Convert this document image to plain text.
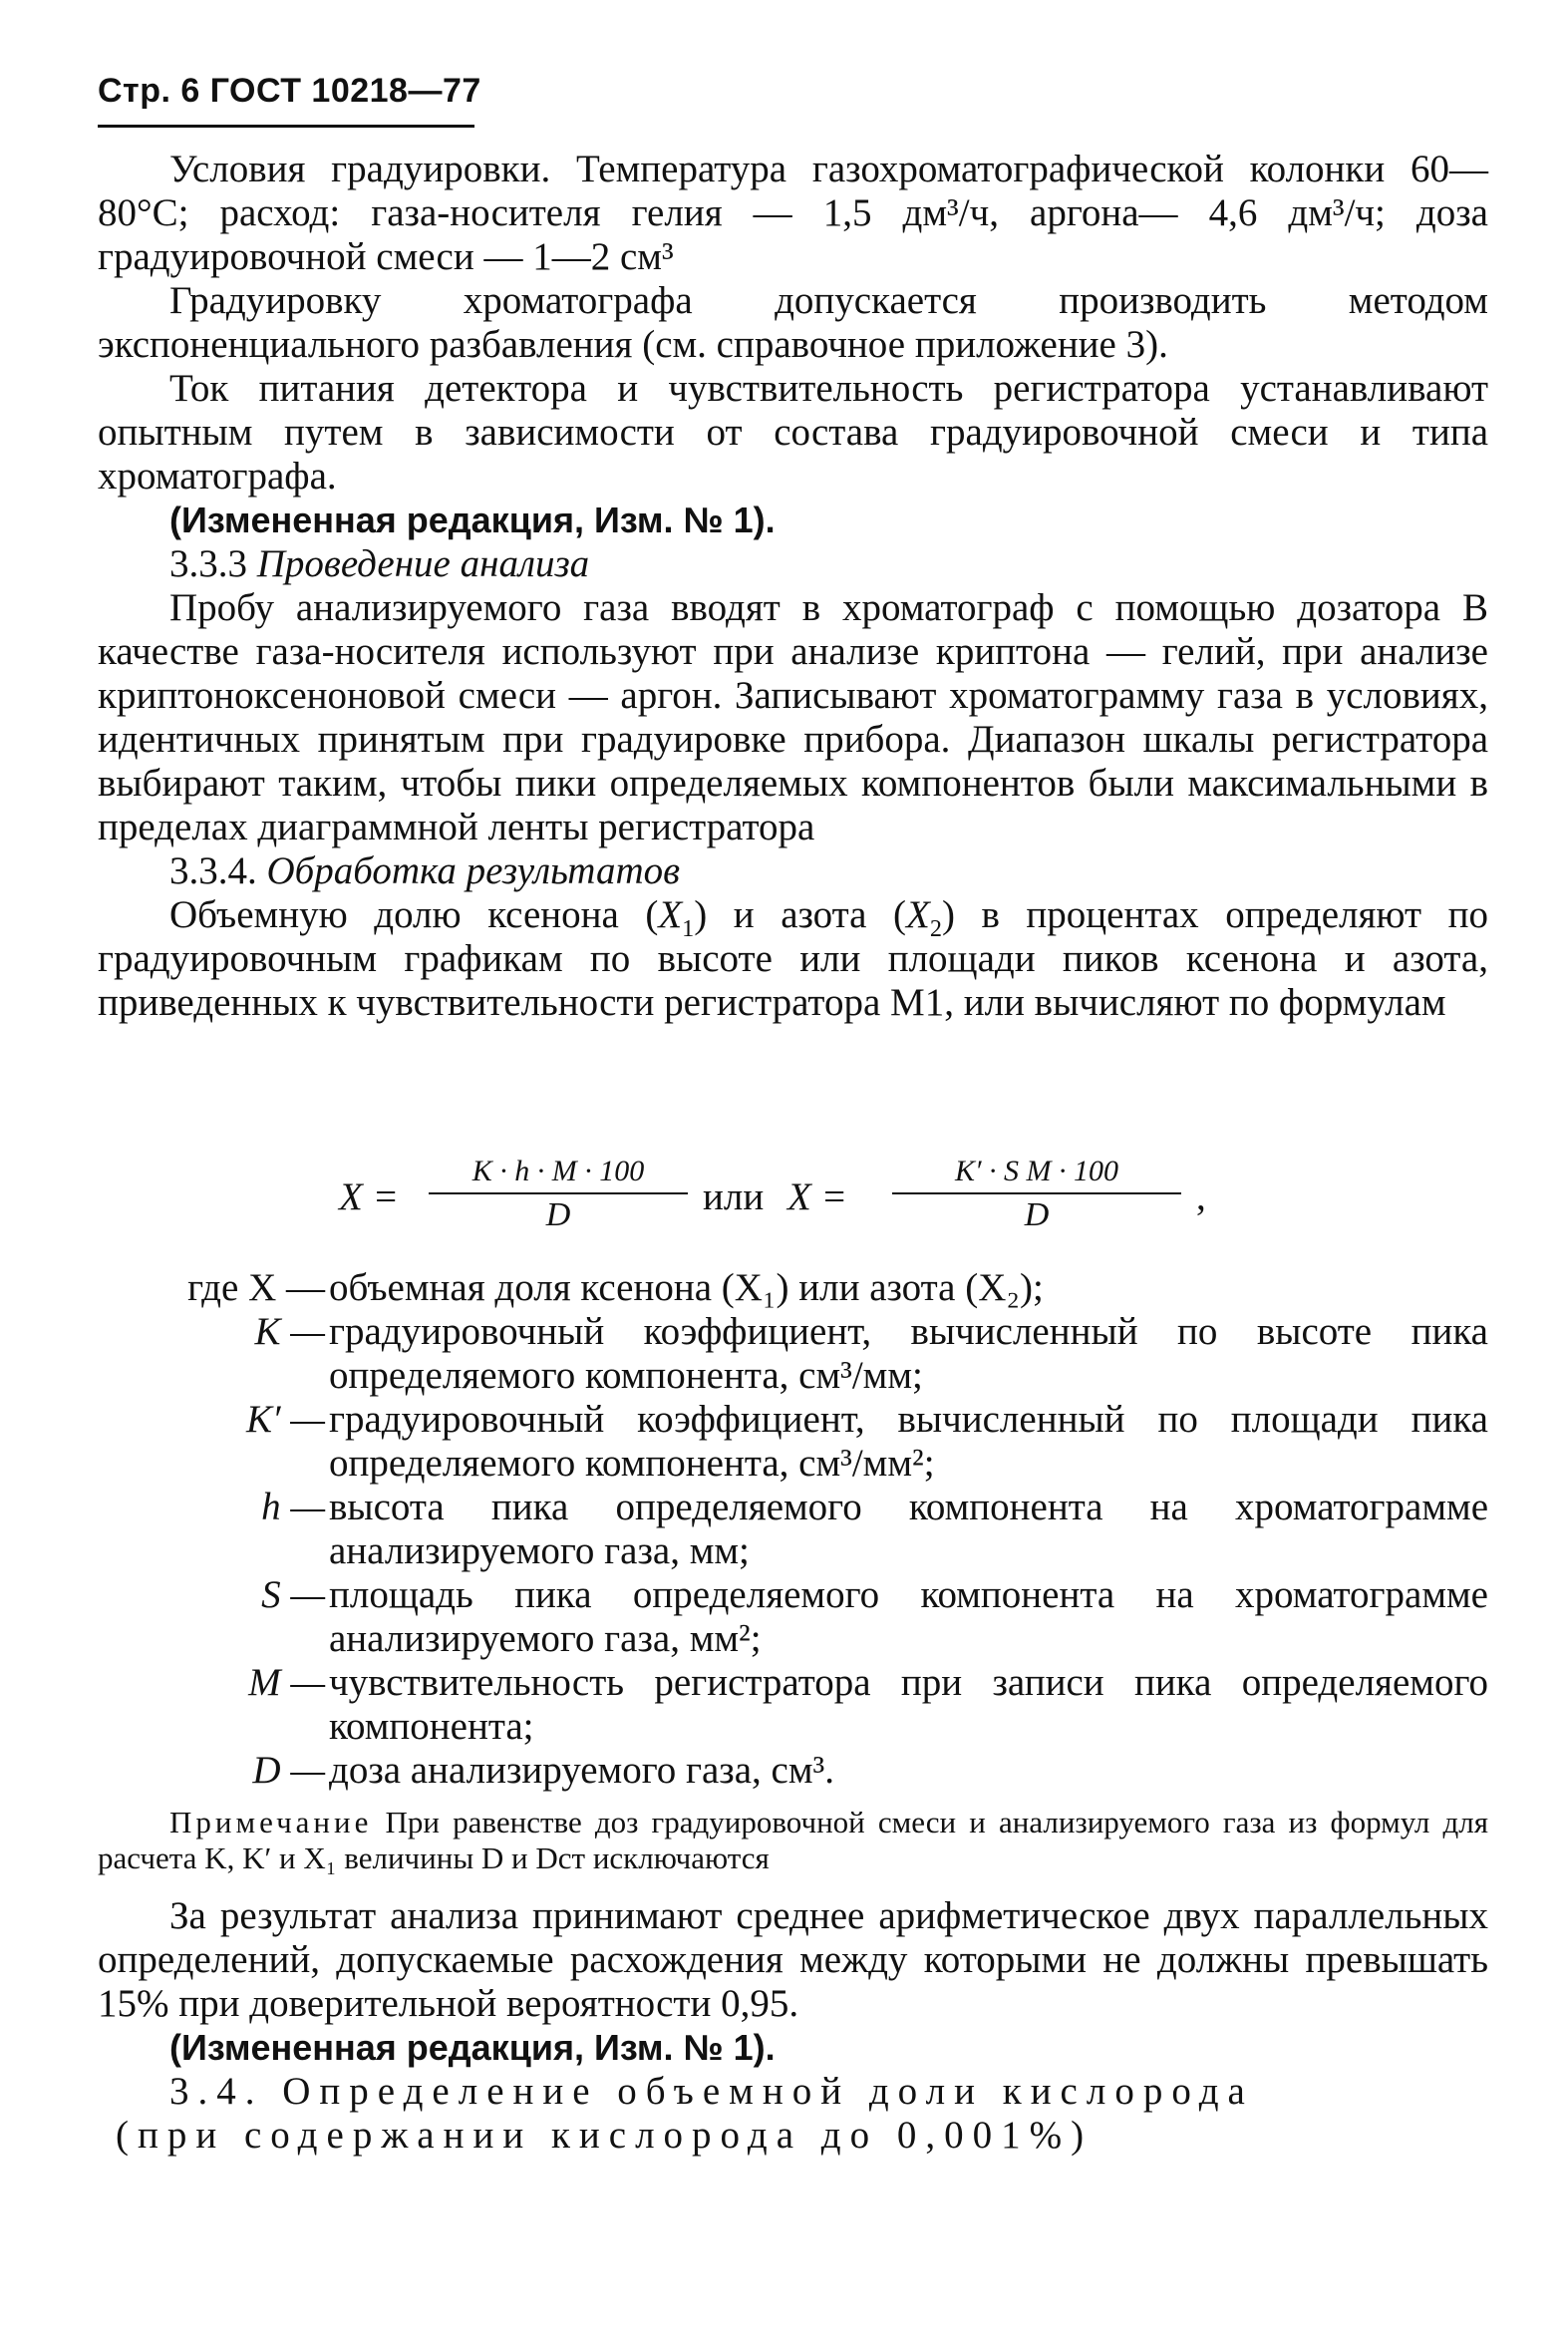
Стр. 6 ГОСТ 10218—77

Условия градуировки. Температура газохроматографической колонки 60—80°С; расход: газа-носителя гелия — 1,5 дм³/ч, аргона— 4,6 дм³/ч; доза градуировочной смеси — 1—2 см³

Градуировку хроматографа допускается производить методом экспоненциального разбавления (см. справочное приложение 3).

Ток питания детектора и чувствительность регистратора устанавливают опытным путем в зависимости от состава градуировочной смеси и типа хроматографа.

(Измененная редакция, Изм. № 1).

3.3.3 Проведение анализа

Пробу анализируемого газа вводят в хроматограф с помощью дозатора В качестве газа-носителя используют при анализе криптона — гелий, при анализе криптоноксеноновой смеси — аргон. Записывают хроматограмму газа в условиях, идентичных принятым при градуировке прибора. Диапазон шкалы регистратора выбирают таким, чтобы пики определяемых компонентов были максимальными в пределах диаграммной ленты регистратора

3.3.4. Обработка результатов

Объемную долю ксенона $(X_1)$ и азота $(X_2)$ в процентах определяют по градуировочным графикам по высоте или площади пиков ксенона и азота, приведенных к чувствительности регистратора М1, или вычисляют по формулам

$X = \frac{K \cdot h \cdot M \cdot 100}{D}$ или $X = \frac{\text{K′ · S M · 100}}{D}$ ,
где X — объемная доля ксенона (X₁) или азота (X₂);
K — градуировочный коэффициент, вычисленный по высоте пика определяемого компонента, см³/мм;
K′ — градуировочный коэффициент, вычисленный по площади пика определяемого компонента, см³/мм²;
h — высота пика определяемого компонента на хроматограмме анализируемого газа, мм;
S — площадь пика определяемого компонента на хроматограмме анализируемого газа, мм²;
M — чувствительность регистратора при записи пика определяемого компонента;
D — доза анализируемого газа, см³.
Примечание При равенстве доз градуировочной смеси и анализируемого газа из формул для расчета K, K′ и X₁ величины D и Dст исключаются

За результат анализа принимают среднее арифметическое двух параллельных определений, допускаемые расхождения между которыми не должны превышать 15% при доверительной вероятности 0,95.

(Измененная редакция, Изм. № 1).

3.4. Определение объемной доли кислорода

(при содержании кислорода до 0,001%)
